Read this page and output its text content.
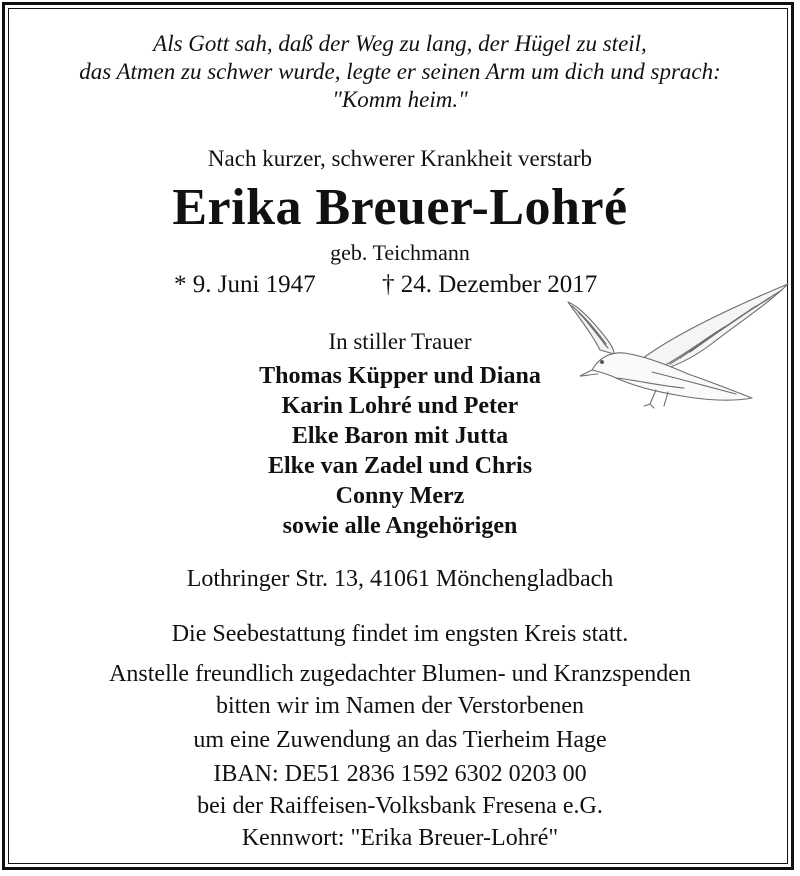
Als Gott sah, daß der Weg zu lang, der Hügel zu steil,
das Atmen zu schwer wurde, legte er seinen Arm um dich und sprach:
"Komm heim."
Nach kurzer, schwerer Krankheit verstarb
Erika Breuer-Lohré
geb. Teichmann
* 9. Juni 1947	† 24. Dezember 2017
In stiller Trauer
Thomas Küpper und Diana
Karin Lohré und Peter
Elke Baron mit Jutta
Elke van Zadel und Chris
Conny Merz
sowie alle Angehörigen
Lothringer Str. 13, 41061 Mönchengladbach
Die Seebestattung findet im engsten Kreis statt.
Anstelle freundlich zugedachter Blumen- und Kranzspenden
bitten wir im Namen der Verstorbenen
um eine Zuwendung an das Tierheim Hage
IBAN: DE51 2836 1592 6302 0203 00
bei der Raiffeisen-Volksbank Fresena e.G.
Kennwort: "Erika Breuer-Lohré"
